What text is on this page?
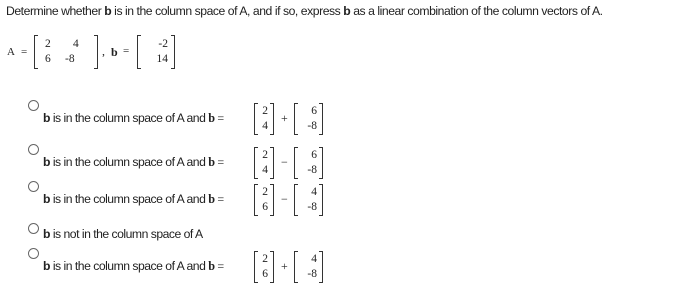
Determine whether b is in the column space of A, and if so, express b as a linear combination of the column vectors of A.
A =
2 4
6 -8
, b =
-2
14
b is in the column space of A and b =	2
4
+ 6
-8
b is in the column space of A and b =	2
4
− 6
-8
b is in the column space of A and b =	2
6
− 4
-8
b is not in the column space of A
b is in the column space of A and b =	2
6
+ 4
-8
